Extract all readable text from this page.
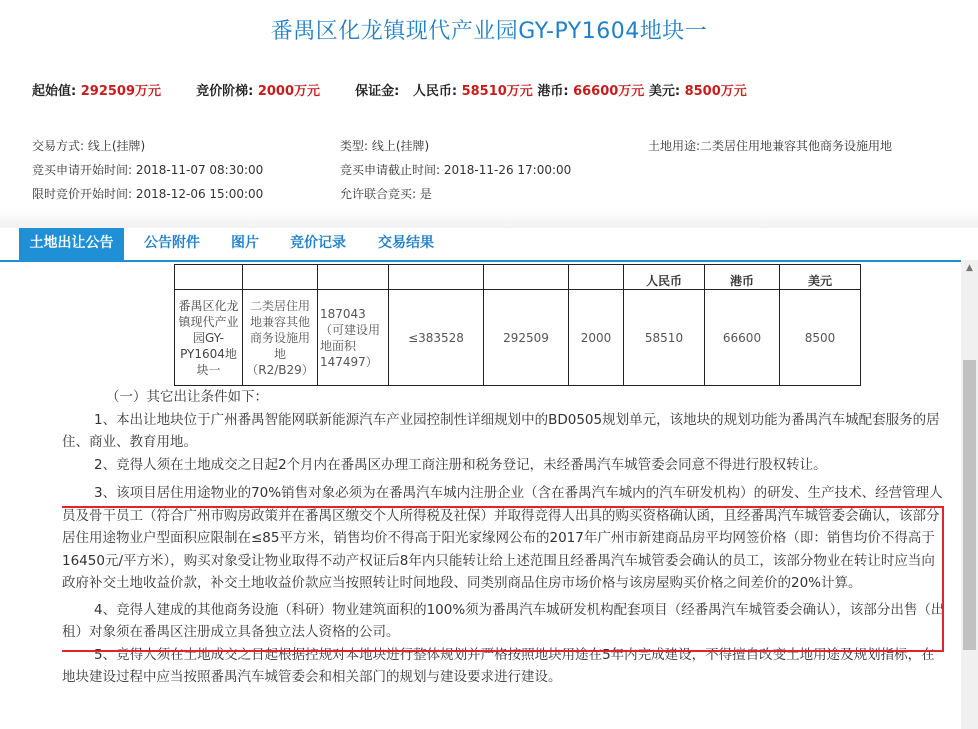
番禺区化龙镇现代产业园GY-PY1604地块一
起始值: 292509万元	竞价阶梯: 2000万元	保证金: 人民币: 58510万元 港币: 66600万元 美元: 8500万元
交易方式: 线上(挂牌)	类型: 线上(挂牌)	土地用途:二类居住用地兼容其他商务设施用地
竞买申请开始时间: 2018-11-07 08:30:00	竞买申请截止时间: 2018-11-26 17:00:00
限时竞价开始时间: 2018-12-06 15:00:00	允许联合竞买: 是
土地出让公告	公告附件	图片	竞价记录	交易结果
						人民币	港币	美元
番禺区化龙镇现代产业园GY-PY1604地块一	二类居住用地兼容其他商务设施用地（R2/B29）	187043（可建设用地面积147497）	≤383528	292509	2000	58510	66600	8500

（一）其它出让条件如下：

1、本出让地块位于广州番禺智能网联新能源汽车产业园控制性详细规划中的BD0505规划单元，该地块的规划功能为番禺汽车城配套服务的居住、商业、教育用地。

2、竞得人须在土地成交之日起2个月内在番禺区办理工商注册和税务登记，未经番禺汽车城管委会同意不得进行股权转让。

3、该项目居住用途物业的70%销售对象必须为在番禺汽车城内注册企业（含在番禺汽车城内的汽车研发机构）的研发、生产技术、经营管理人员及骨干员工（符合广州市购房政策并在番禺区缴交个人所得税及社保）并取得竞得人出具的购买资格确认函，且经番禺汽车城管委会确认，该部分居住用途物业户型面积应限制在≤85平方米，销售均价不得高于阳光家缘网公布的2017年广州市新建商品房平均网签价格（即：销售均价不得高于16450元/平方米），购买对象受让物业取得不动产权证后8年内只能转让给上述范围且经番禺汽车城管委会确认的员工，该部分物业在转让时应当向政府补交土地收益价款，补交土地收益价款应当按照转让时间地段、同类别商品住房市场价格与该房屋购买价格之间差价的20%计算。

4、竞得人建成的其他商务设施（科研）物业建筑面积的100%须为番禺汽车城研发机构配套项目（经番禺汽车城管委会确认），该部分出售（出租）对象须在番禺区注册成立具备独立法人资格的公司。

5、竞得人须在土地成交之日起根据控规对本地块进行整体规划并严格按照地块用途在5年内完成建设，不得擅自改变土地用途及规划指标，在地块建设过程中应当按照番禺汽车城管委会和相关部门的规划与建设要求进行建设。

▲
